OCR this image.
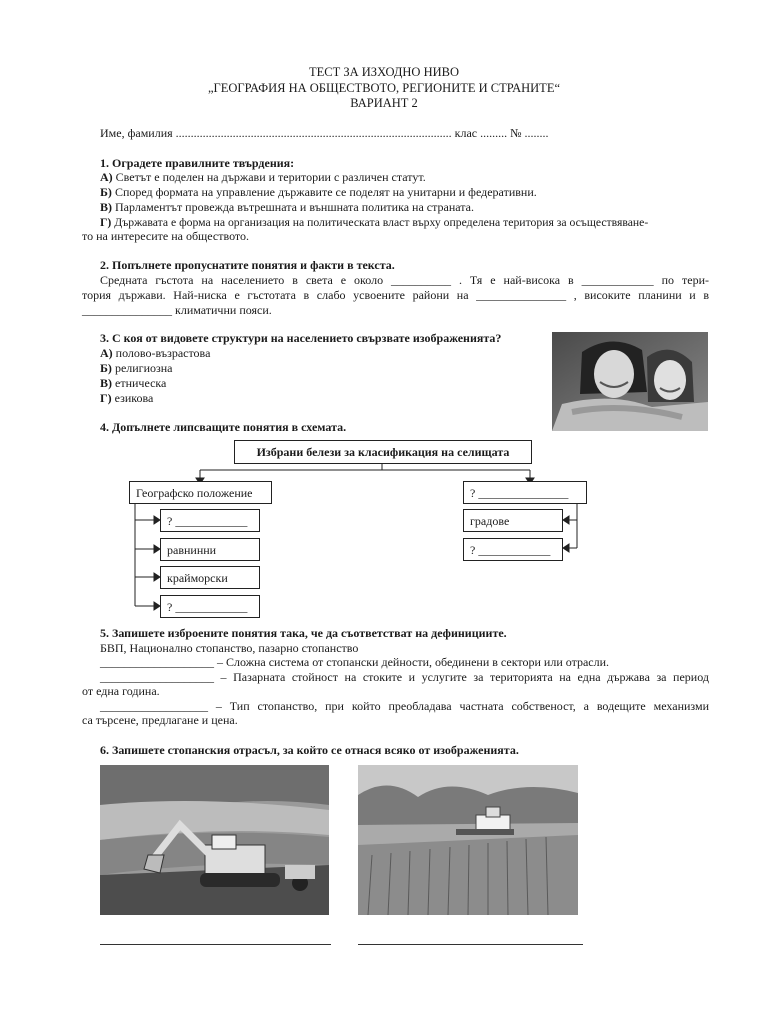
ТЕСТ ЗА ИЗХОДНО НИВО
„ГЕОГРАФИЯ НА ОБЩЕСТВОТО, РЕГИОНИТЕ И СТРАНИТЕ“
ВАРИАНТ 2
Име, фамилия ............................................................................................ клас ......... № ........
1. Оградете правилните твърдения:
А) Светът е поделен на държави и територии с различен статут.
Б) Според формата на управление държавите се поделят на унитарни и федеративни.
В) Парламентът провежда вътрешната и външната политика на страната.
Г) Държавата е форма на организация на политическата власт върху определена територия за осъществяване-
то на интересите на обществото.
2. Попълнете пропуснатите понятия и факти в текста.
Средната гъстота на населението в света е около __________ . Тя е най-висока в ____________ по тери-
тория държави. Най-ниска е гъстотата в слабо усвоените райони на _______________ , високите планини и в
_______________ климатични пояси.
3. С коя от видовете структури на населението свързвате изображенията?
А) полово-възрастова
Б) религиозна
В) етническа
Г) езикова
4. Допълнете липсващите понятия в схемата.
Избрани белези за класификация на селищата
Географско положение
? ____________
равнинни
крайморски
? ____________
? _______________
градове
? ____________
5. Запишете изброените понятия така, че да съответстват на дефинициите.
БВП, Национално стопанство, пазарно стопанство
___________________ – Сложна система от стопански дейности, обединени в сектори или отрасли.
___________________ – Пазарната стойност на стоките и услугите за територията на една държава за период
от една година.
__________________ – Тип стопанство, при който преобладава частната собственост, а водещите механизми
са търсене, предлагане и цена.
6. Запишете стопанския отрасъл, за който се отнася всяко от изображенията.
